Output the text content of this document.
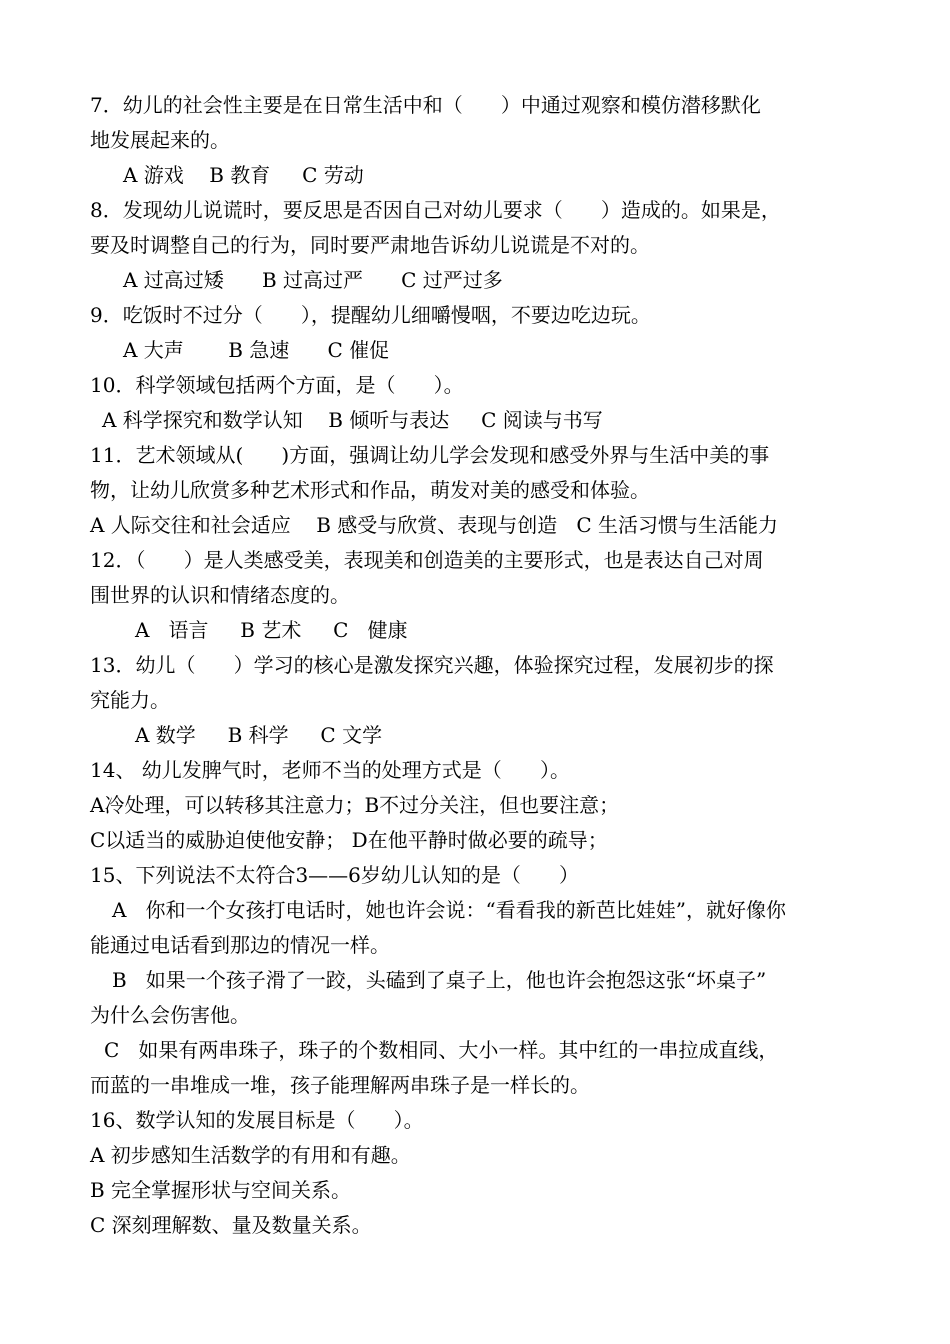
7．幼儿的社会性主要是在日常生活中和（      ）中通过观察和模仿潜移默化
地发展起来的。
A 游戏    B 教育     C 劳动
8．发现幼儿说谎时，要反思是否因自己对幼儿要求（      ）造成的。如果是，
要及时调整自己的行为，同时要严肃地告诉幼儿说谎是不对的。
A 过高过矮      B 过高过严      C 过严过多
9．吃饭时不过分（      ），提醒幼儿细嚼慢咽，不要边吃边玩。
A 大声       B 急速      C 催促
10．科学领域包括两个方面，是（      ）。
A 科学探究和数学认知    B 倾听与表达     C 阅读与书写
11．艺术领域从(      )方面，强调让幼儿学会发现和感受外界与生活中美的事
物，让幼儿欣赏多种艺术形式和作品，萌发对美的感受和体验。
A 人际交往和社会适应    B 感受与欣赏、表现与创造   C 生活习惯与生活能力
12．（      ）是人类感受美，表现美和创造美的主要形式，也是表达自己对周
围世界的认识和情绪态度的。
A   语言     B 艺术     C   健康
13．幼儿（      ）学习的核心是激发探究兴趣，体验探究过程，发展初步的探
究能力。
A 数学     B 科学     C 文学
14、 幼儿发脾气时，老师不当的处理方式是（      ）。
A冷处理，可以转移其注意力；B不过分关注，但也要注意；
C以适当的威胁迫使他安静； D在他平静时做必要的疏导；
15、下列说法不太符合3——6岁幼儿认知的是（      ）
A   你和一个女孩打电话时，她也许会说：“看看我的新芭比娃娃”，就好像你
能通过电话看到那边的情况一样。
B   如果一个孩子滑了一跤，头磕到了桌子上，他也许会抱怨这张“坏桌子”
为什么会伤害他。
C   如果有两串珠子，珠子的个数相同、大小一样。其中红的一串拉成直线，
而蓝的一串堆成一堆，孩子能理解两串珠子是一样长的。
16、数学认知的发展目标是（      ）。
A 初步感知生活数学的有用和有趣。
B 完全掌握形状与空间关系。
C 深刻理解数、量及数量关系。
